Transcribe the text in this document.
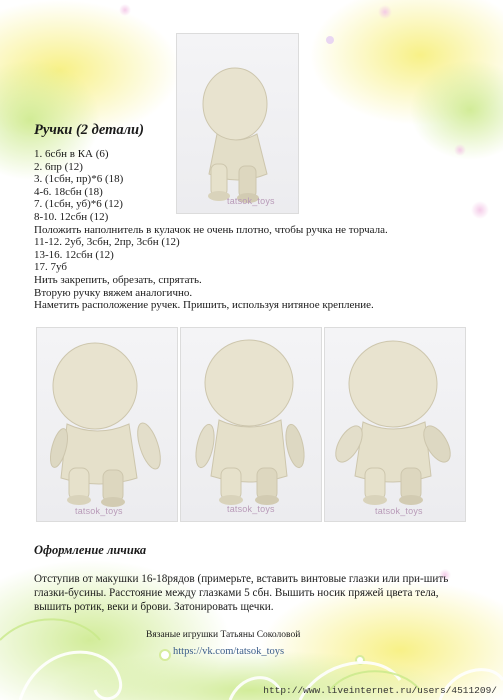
tatsok_toys
Ручки (2 детали)
1. 6сбн в КА (6)
2. 6пр (12)
3. (1сбн, пр)*6 (18)
4-6. 18сбн (18)
7. (1сбн, уб)*6 (12)
8-10. 12сбн (12)
Положить наполнитель в кулачок не очень плотно, чтобы ручка не торчала.
11-12. 2уб, 3сбн, 2пр, 3сбн (12)
13-16. 12сбн (12)
17. 7уб
Нить закрепить, обрезать, спрятать.
Вторую ручку вяжем аналогично.
Наметить расположение ручек. Пришить, используя нитяное крепление.
tatsok_toys	tatsok_toys	tatsok_toys
Оформление личика
Отступив от макушки 16-18рядов (примерьте, вставить винтовые глазки или при-шить глазки-бусины. Расстояние между глазками 5 сбн. Вышить носик пряжей цвета тела, вышить ротик, веки и брови. Затонировать щечки.
Вязаные игрушки Татьяны Соколовой
https://vk.com/tatsok_toys
http://www.liveinternet.ru/users/4511209/
